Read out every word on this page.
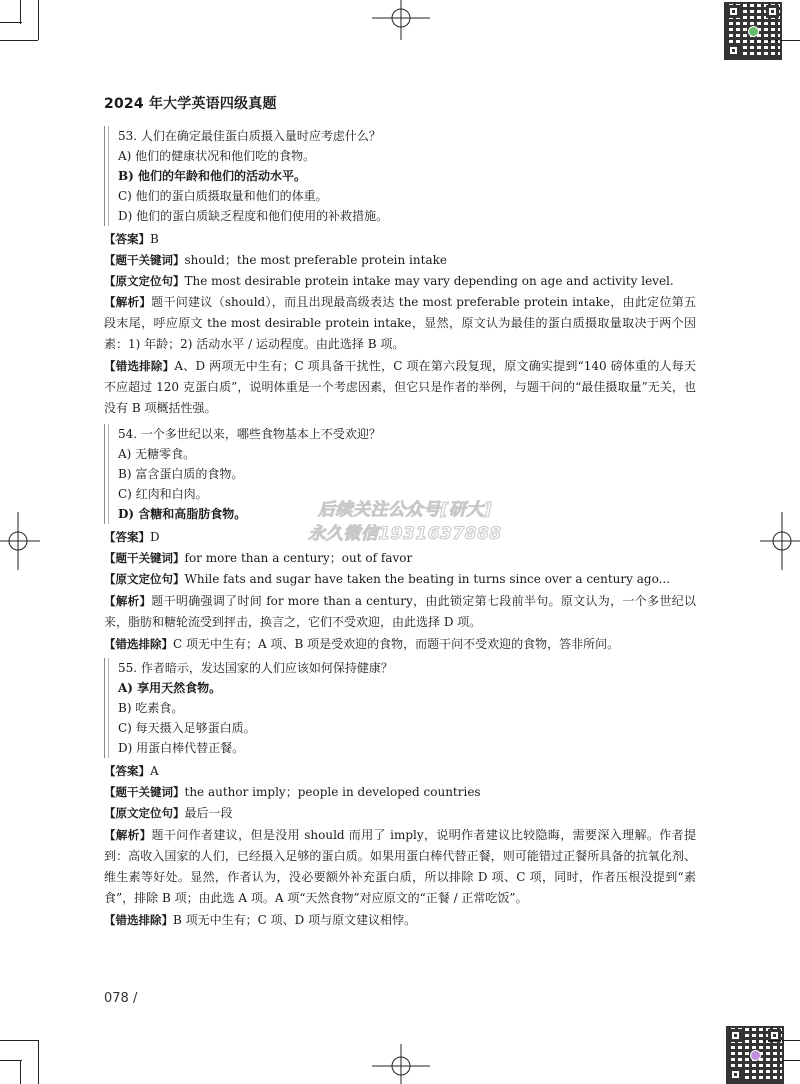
2024 年大学英语四级真题
53. 人们在确定最佳蛋白质摄入量时应考虑什么？
A) 他们的健康状况和他们吃的食物。
B) 他们的年龄和他们的活动水平。
C) 他们的蛋白质摄取量和他们的体重。
D) 他们的蛋白质缺乏程度和他们使用的补救措施。
【答案】B
【题干关键词】should；the most preferable protein intake
【原文定位句】The most desirable protein intake may vary depending on age and activity level.
【解析】题干问建议（should），而且出现最高级表达 the most preferable protein intake，由此定位第五段末尾，呼应原文 the most desirable protein intake，显然，原文认为最佳的蛋白质摄取量取决于两个因素：1) 年龄；2) 活动水平 / 运动程度。由此选择 B 项。
【错选排除】A、D 两项无中生有；C 项具备干扰性，C 项在第六段复现，原文确实提到“140 磅体重的人每天不应超过 120 克蛋白质”，说明体重是一个考虑因素，但它只是作者的举例，与题干问的“最佳摄取量”无关，也没有 B 项概括性强。
54. 一个多世纪以来，哪些食物基本上不受欢迎？
A) 无糖零食。
B) 富含蛋白质的食物。
C) 红肉和白肉。
D) 含糖和高脂肪食物。
【答案】D
【题干关键词】for more than a century；out of favor
【原文定位句】While fats and sugar have taken the beating in turns since over a century ago...
【解析】题干明确强调了时间 for more than a century，由此锁定第七段前半句。原文认为，一个多世纪以来，脂肪和糖轮流受到抨击，换言之，它们不受欢迎，由此选择 D 项。
【错选排除】C 项无中生有；A 项、B 项是受欢迎的食物，而题干问不受欢迎的食物，答非所问。
55. 作者暗示，发达国家的人们应该如何保持健康？
A) 享用天然食物。
B) 吃素食。
C) 每天摄入足够蛋白质。
D) 用蛋白棒代替正餐。
【答案】A
【题干关键词】the author imply；people in developed countries
【原文定位句】最后一段
【解析】题干问作者建议，但是没用 should 而用了 imply，说明作者建议比较隐晦，需要深入理解。作者提到：高收入国家的人们，已经摄入足够的蛋白质。如果用蛋白棒代替正餐，则可能错过正餐所具备的抗氧化剂、维生素等好处。显然，作者认为，没必要额外补充蛋白质，所以排除 D 项、C 项，同时，作者压根没提到“素食”，排除 B 项；由此选 A 项。A 项“天然食物”对应原文的“正餐 / 正常吃饭”。
【错选排除】B 项无中生有；C 项、D 项与原文建议相悖。
后续关注公众号[研大]
永久微信1931637888
078 /
